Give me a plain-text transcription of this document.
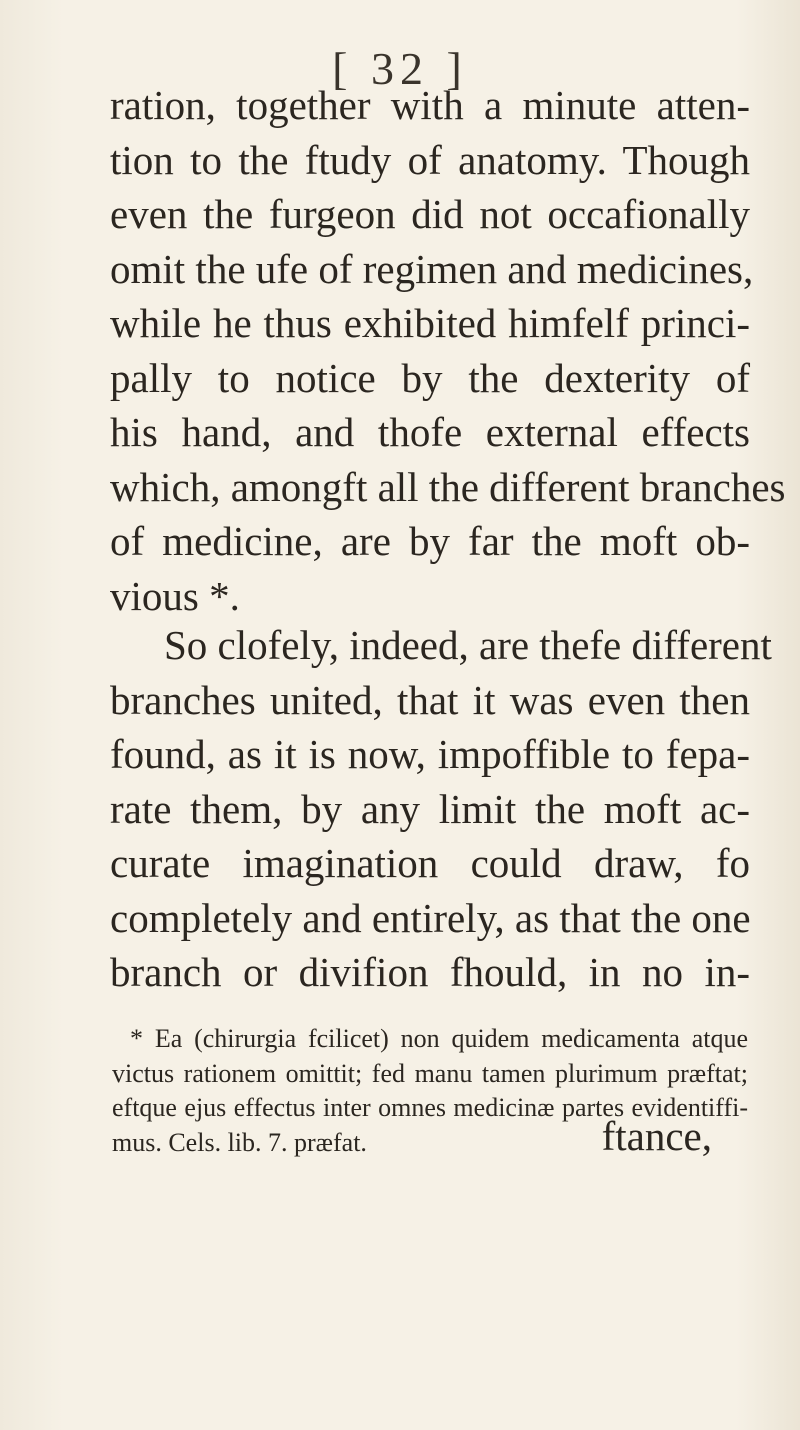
[ 32 ]
ration, together with a minute atten-
tion to the ftudy of anatomy. Though
even the furgeon did not occafionally
omit the ufe of regimen and medicines,
while he thus exhibited himfelf princi-
pally to notice by the dexterity of
his hand, and thofe external effects
which, amongft all the different branches
of medicine, are by far the moft ob-
vious *.
So clofely, indeed, are thefe different
branches united, that it was even then
found, as it is now, impoffible to fepa-
rate them, by any limit the moft ac-
curate imagination could draw, fo
completely and entirely, as that the one
branch or divifion fhould, in no in-
* Ea (chirurgia fcilicet) non quidem medicamenta atque
victus rationem omittit; fed manu tamen plurimum præftat;
eftque ejus effectus inter omnes medicinæ partes evidentiffi-
mus. Cels. lib. 7. præfat.	ftance,
